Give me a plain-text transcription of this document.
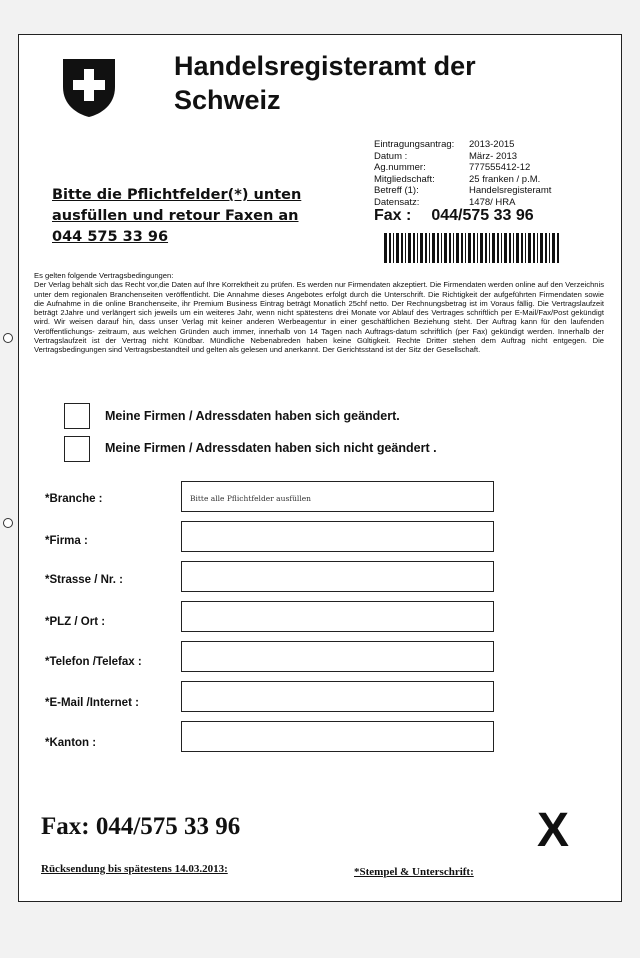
Handelsregisteramt der
Schweiz
Eintragungsantrag:	2013-2015
Datum :	März- 2013
Ag.nummer:	777555412-12
Mitgliedschaft:	25 franken / p.M.
Betreff (1):	Handelsregisteramt
Datensatz:	1478/ HRA
Fax : 044/575 33 96
Bitte die Pflichtfelder(*) unten
ausfüllen und retour Faxen an
044 575 33 96
Es gelten folgende Vertragsbedingungen:
Der Verlag behält sich das Recht vor,die Daten auf Ihre Korrektheit zu prüfen. Es werden nur Firmendaten akzeptiert. Die Firmendaten werden online auf den Verzeichnis unter dem regionalen Branchenseiten veröffentlicht. Die Annahme dieses Angebotes erfolgt durch die Unterschrift. Die Richtigkeit der aufgeführten Firmendaten sowie die Aufnahme in die online Branchenseite, ihr Premium Business Eintrag beträgt Monatlich 25chf netto. Der Rechnungsbetrag ist im Voraus fällig. Die Vertragslaufzeit beträgt 2Jahre und verlängert sich jeweils um ein weiteres Jahr, wenn nicht spätestens drei Monate vor Ablauf des Vertrages schriftlich per E-Mail/Fax/Post gekündigt wird. Wir weisen darauf hin, dass unser Verlag mit keiner anderen Werbeagentur in einer geschäftlichen Beziehung steht. Der Auftrag kann für den laufenden Veröffentlichungs- zeitraum, aus welchen Gründen auch immer, innerhalb von 14 Tagen nach Auftrags-datum schriftlich (per Fax) gekündigt werden. Innerhalb der Vertragslaufzeit ist der Vertrag nicht Kündbar. Mündliche Nebenabreden haben keine Gültigkeit. Rechte Dritter stehen dem Auftrag nicht entgegen. Die Vertragsbedingungen sind Vertragsbestandteil und gelten als gelesen und anerkannt. Der Gerichtsstand ist der Sitz der Gesellschaft.
Meine Firmen / Adressdaten haben sich geändert.
Meine Firmen / Adressdaten haben sich nicht geändert .
*Branche :	Bitte alle Pflichtfelder ausfüllen
*Firma :
*Strasse / Nr. :
*PLZ / Ort :
*Telefon /Telefax :
*E-Mail /Internet :
*Kanton :
Fax: 044/575 33 96	X
Rücksendung bis spätestens 14.03.2013:	*Stempel & Unterschrift:
